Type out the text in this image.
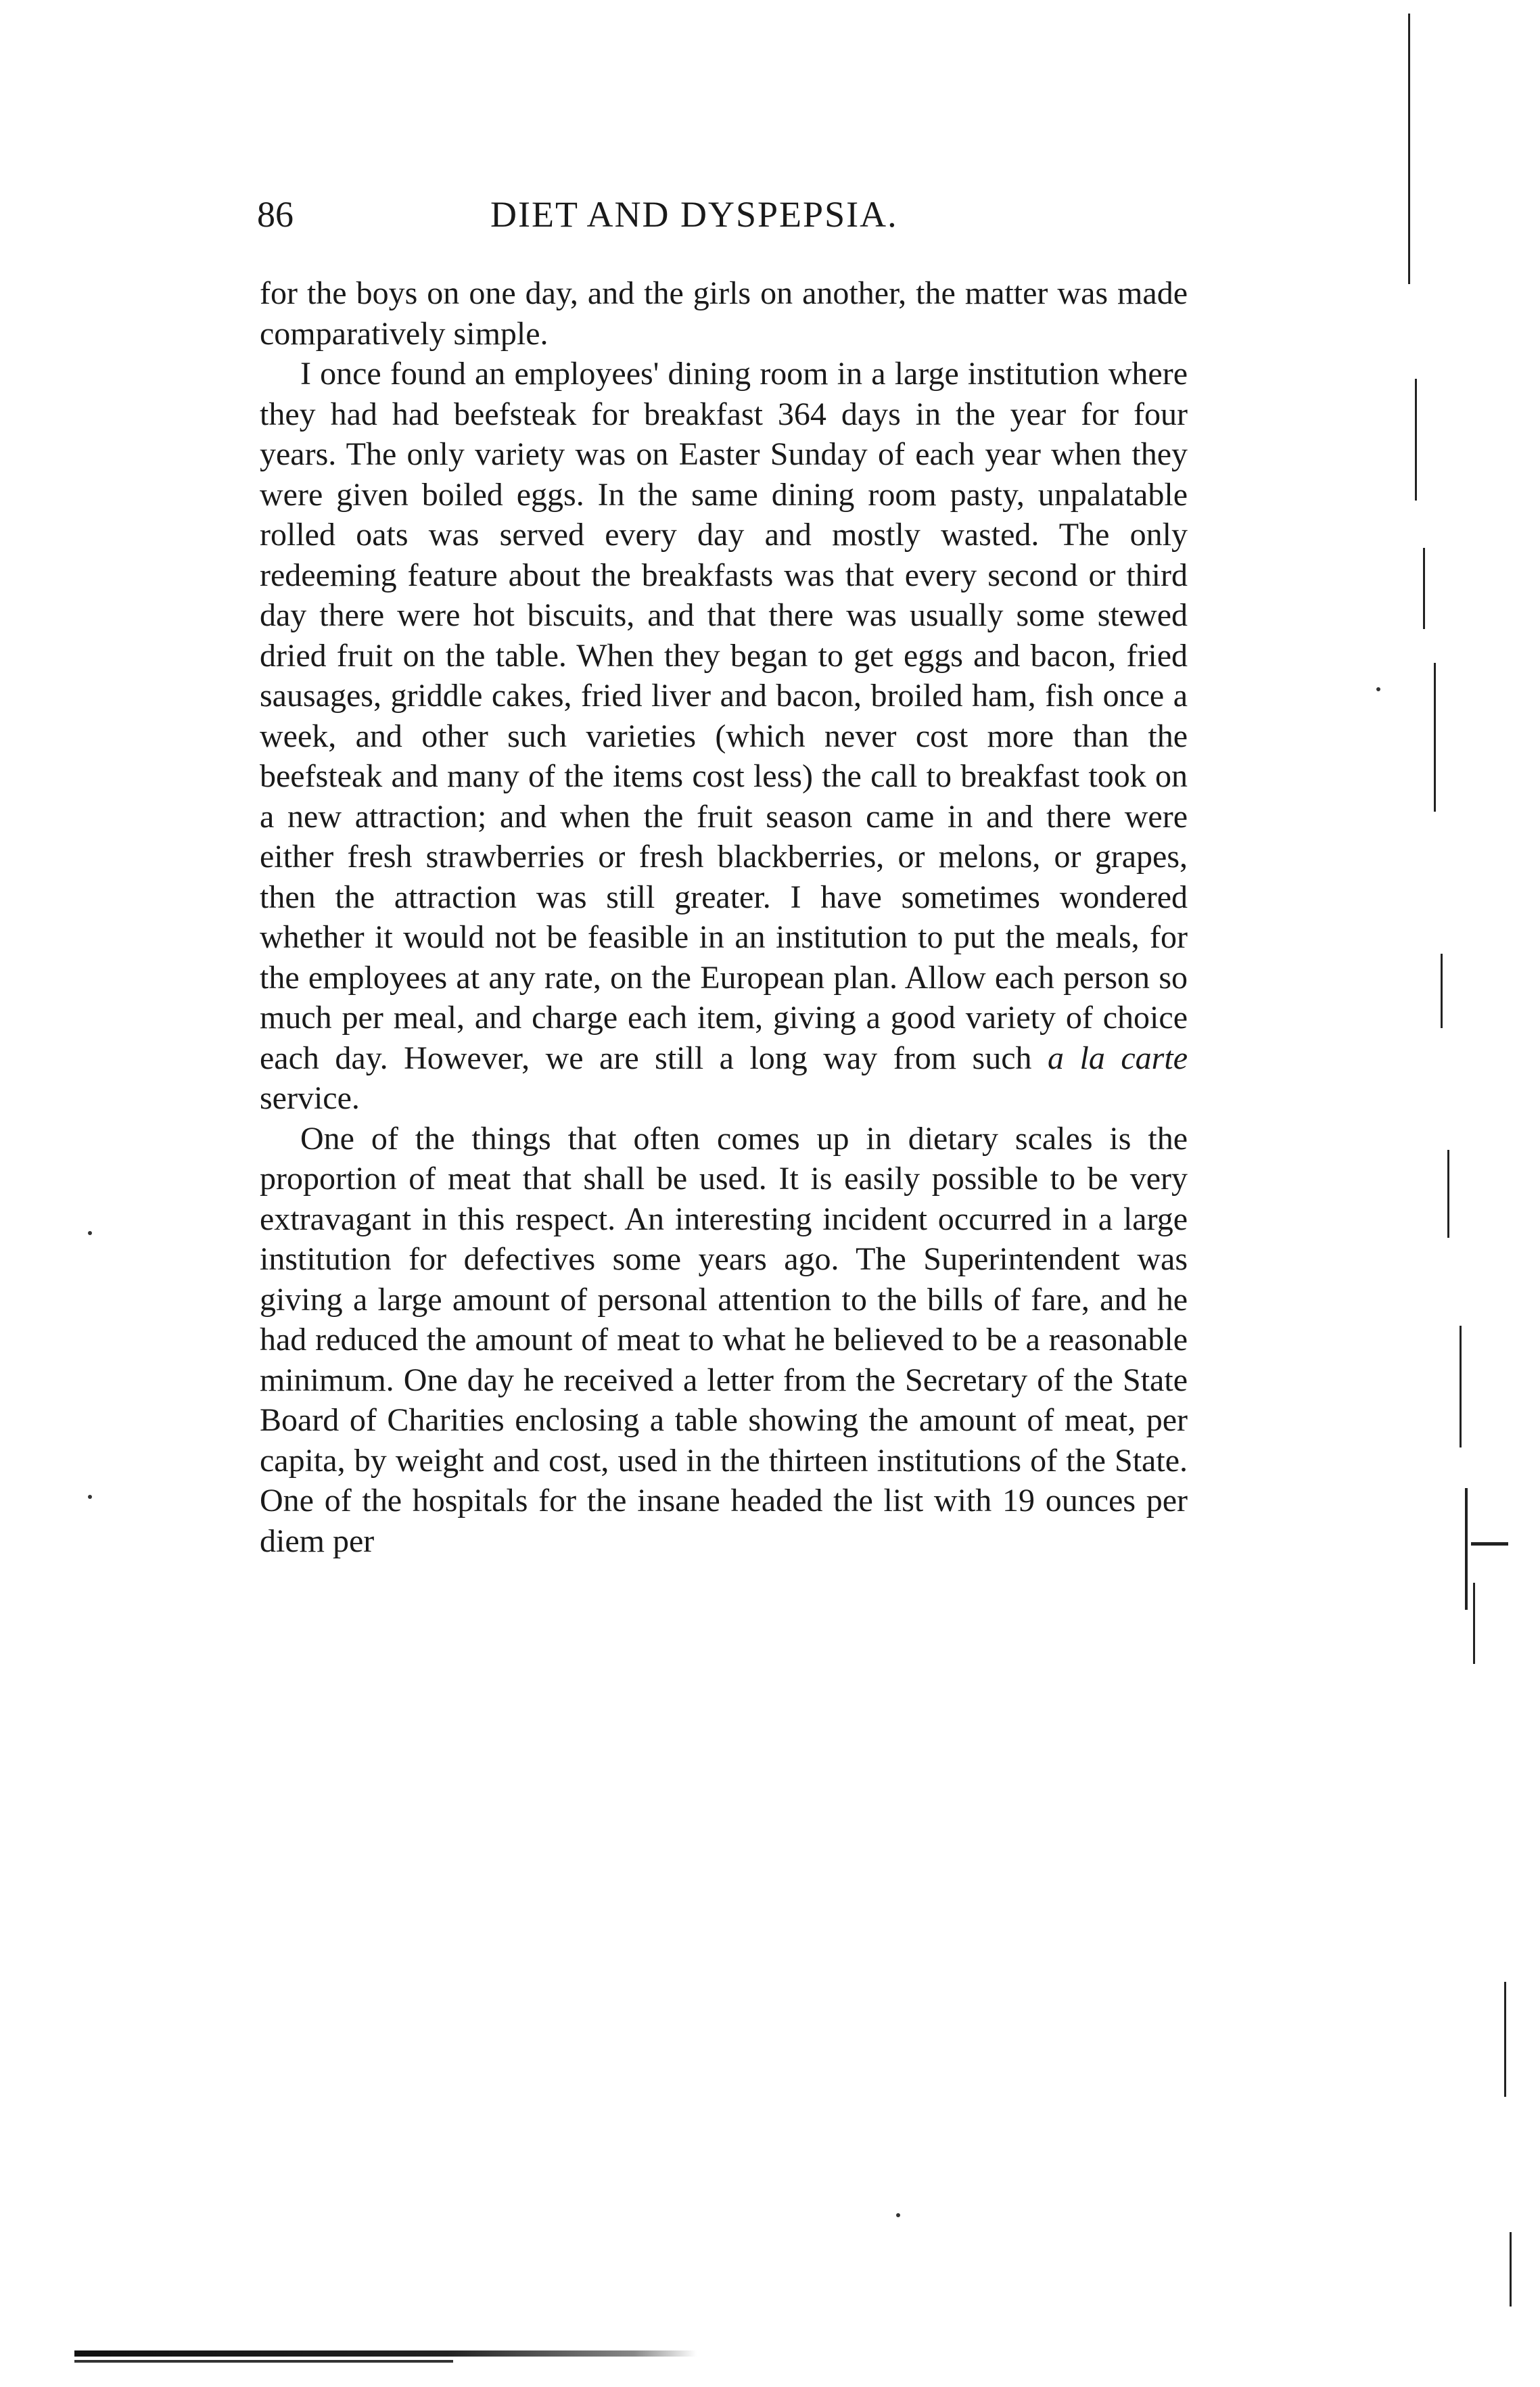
86	DIET AND DYSPEPSIA.

for the boys on one day, and the girls on another, the matter was made comparatively simple.

I once found an employees' dining room in a large institution where they had had beefsteak for breakfast 364 days in the year for four years. The only variety was on Easter Sunday of each year when they were given boiled eggs. In the same dining room pasty, unpalatable rolled oats was served every day and mostly wasted. The only redeeming feature about the breakfasts was that every second or third day there were hot biscuits, and that there was usually some stewed dried fruit on the table. When they began to get eggs and bacon, fried sausages, griddle cakes, fried liver and bacon, broiled ham, fish once a week, and other such varieties (which never cost more than the beefsteak and many of the items cost less) the call to breakfast took on a new attraction; and when the fruit season came in and there were either fresh strawberries or fresh blackberries, or melons, or grapes, then the attraction was still greater. I have sometimes wondered whether it would not be feasible in an institution to put the meals, for the employees at any rate, on the European plan. Allow each person so much per meal, and charge each item, giving a good variety of choice each day. However, we are still a long way from such a la carte service.

One of the things that often comes up in dietary scales is the proportion of meat that shall be used. It is easily possible to be very extravagant in this respect. An interesting incident occurred in a large institution for defectives some years ago. The Superintendent was giving a large amount of personal attention to the bills of fare, and he had reduced the amount of meat to what he believed to be a reasonable minimum. One day he received a letter from the Secretary of the State Board of Charities enclosing a table showing the amount of meat, per capita, by weight and cost, used in the thirteen institutions of the State. One of the hospitals for the insane headed the list with 19 ounces per diem per
